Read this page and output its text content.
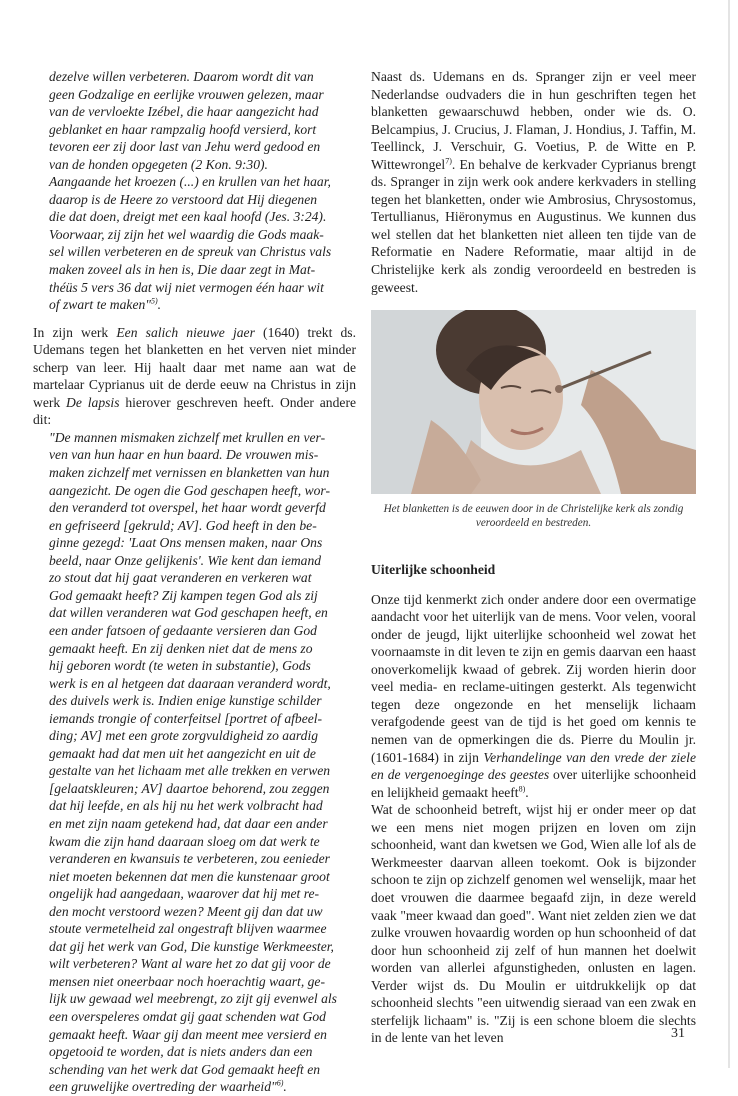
dezelve willen verbeteren. Daarom wordt dit van
geen Godzalige en eerlijke vrouwen gelezen, maar
van de vervloekte Izébel, die haar aangezicht had
geblanket en haar rampzalig hoofd versierd, kort
tevoren eer zij door last van Jehu werd gedood en
van de honden opgegeten (2 Kon. 9:30).
Aangaande het kroezen (...) en krullen van het haar,
daarop is de Heere zo verstoord dat Hij diegenen
die dat doen, dreigt met een kaal hoofd (Jes. 3:24).
Voorwaar, zij zijn het wel waardig die Gods maak-
sel willen verbeteren en de spreuk van Christus vals
maken zoveel als in hen is, Die daar zegt in Mat-
théüs 5 vers 36 dat wij niet vermogen één haar wit
of zwart te maken"$^{5)}$.

In zijn werk Een salich nieuwe jaer (1640) trekt ds. Udemans tegen het blanketten en het verven niet minder scherp van leer. Hij haalt daar met name aan wat de martelaar Cyprianus uit de derde eeuw na Christus in zijn werk De lapsis hierover geschreven heeft. Onder andere dit:

"De mannen mismaken zichzelf met krullen en ver-
ven van hun haar en hun baard. De vrouwen mis-
maken zichzelf met vernissen en blanketten van hun
aangezicht. De ogen die God geschapen heeft, wor-
den veranderd tot overspel, het haar wordt geverfd
en gefriseerd [gekruld; AV]. God heeft in den be-
ginne gezegd: 'Laat Ons mensen maken, naar Ons
beeld, naar Onze gelijkenis'. Wie kent dan iemand
zo stout dat hij gaat veranderen en verkeren wat
God gemaakt heeft? Zij kampen tegen God als zij
dat willen veranderen wat God geschapen heeft, en
een ander fatsoen of gedaante versieren dan God
gemaakt heeft. En zij denken niet dat de mens zo
hij geboren wordt (te weten in substantie), Gods
werk is en al hetgeen dat daaraan veranderd wordt,
des duivels werk is. Indien enige kunstige schilder
iemands trongie of conterfeitsel [portret of afbeel-
ding; AV] met een grote zorgvuldigheid zo aardig
gemaakt had dat men uit het aangezicht en uit de
gestalte van het lichaam met alle trekken en verwen
[gelaatskleuren; AV] daartoe behorend, zou zeggen
dat hij leefde, en als hij nu het werk volbracht had
en met zijn naam getekend had, dat daar een ander
kwam die zijn hand daaraan sloeg om dat werk te
veranderen en kwansuis te verbeteren, zou eenieder
niet moeten bekennen dat men die kunstenaar groot
ongelijk had aangedaan, waarover dat hij met re-
den mocht verstoord wezen? Meent gij dan dat uw
stoute vermetelheid zal ongestraft blijven waarmee
dat gij het werk van God, Die kunstige Werkmeester,
wilt verbeteren? Want al ware het zo dat gij voor de
mensen niet oneerbaar noch hoerachtig waart, ge-
lijk uw gewaad wel meebrengt, zo zijt gij evenwel als
een overspeleres omdat gij gaat schenden wat God
gemaakt heeft. Waar gij dan meent mee versierd en
opgetooid te worden, dat is niets anders dan een
schending van het werk dat God gemaakt heeft en
een gruwelijke overtreding der waarheid"$^{6)}$.

Naast ds. Udemans en ds. Spranger zijn er veel meer Nederlandse oudvaders die in hun geschriften tegen het blanketten gewaarschuwd hebben, onder wie ds. O. Belcampius, J. Crucius, J. Flaman, J. Hondius, J. Taffin, M. Teellinck, J. Verschuir, G. Voetius, P. de Witte en P. Wittewrongel$^{7)}$. En behalve de kerkvader Cyprianus brengt ds. Spranger in zijn werk ook andere kerkvaders in stelling tegen het blanketten, onder wie Ambrosius, Chrysostomus, Tertullianus, Hiëronymus en Augustinus. We kunnen dus wel stellen dat het blanketten niet alleen ten tijde van de Reformatie en Nadere Reformatie, maar altijd in de Christelijke kerk als zondig veroordeeld en bestreden is geweest.

Het blanketten is de eeuwen door in de Christelijke kerk als zondig veroordeeld en bestreden.
Uiterlijke schoonheid

Onze tijd kenmerkt zich onder andere door een overmatige aandacht voor het uiterlijk van de mens. Voor velen, vooral onder de jeugd, lijkt uiterlijke schoonheid wel zowat het voornaamste in dit leven te zijn en gemis daarvan een haast onoverkomelijk kwaad of gebrek. Zij worden hierin door veel media- en reclame-uitingen gesterkt. Als tegenwicht tegen deze ongezonde en het menselijk lichaam verafgodende geest van de tijd is het goed om kennis te nemen van de opmerkingen die ds. Pierre du Moulin jr. (1601-1684) in zijn Verhandelinge van den vrede der ziele en de vergenoeginge des geestes over uiterlijke schoonheid en lelijkheid gemaakt heeft$^{8)}$.

Wat de schoonheid betreft, wijst hij er onder meer op dat we een mens niet mogen prijzen en loven om zijn schoonheid, want dan kwetsen we God, Wien alle lof als de Werkmeester daarvan alleen toekomt. Ook is bijzonder schoon te zijn op zichzelf genomen wel wenselijk, maar het doet vrouwen die daarmee begaafd zijn, in deze wereld vaak "meer kwaad dan goed". Want niet zelden zien we dat zulke vrouwen hovaardig worden op hun schoonheid of dat door hun schoonheid zij zelf of hun mannen het doelwit worden van allerlei afgunstigheden, onlusten en lagen. Verder wijst ds. Du Moulin er uitdrukkelijk op dat schoonheid slechts "een uitwendig sieraad van een zwak en sterfelijk lichaam" is. "Zij is een schone bloem die slechts in de lente van het leven	31
